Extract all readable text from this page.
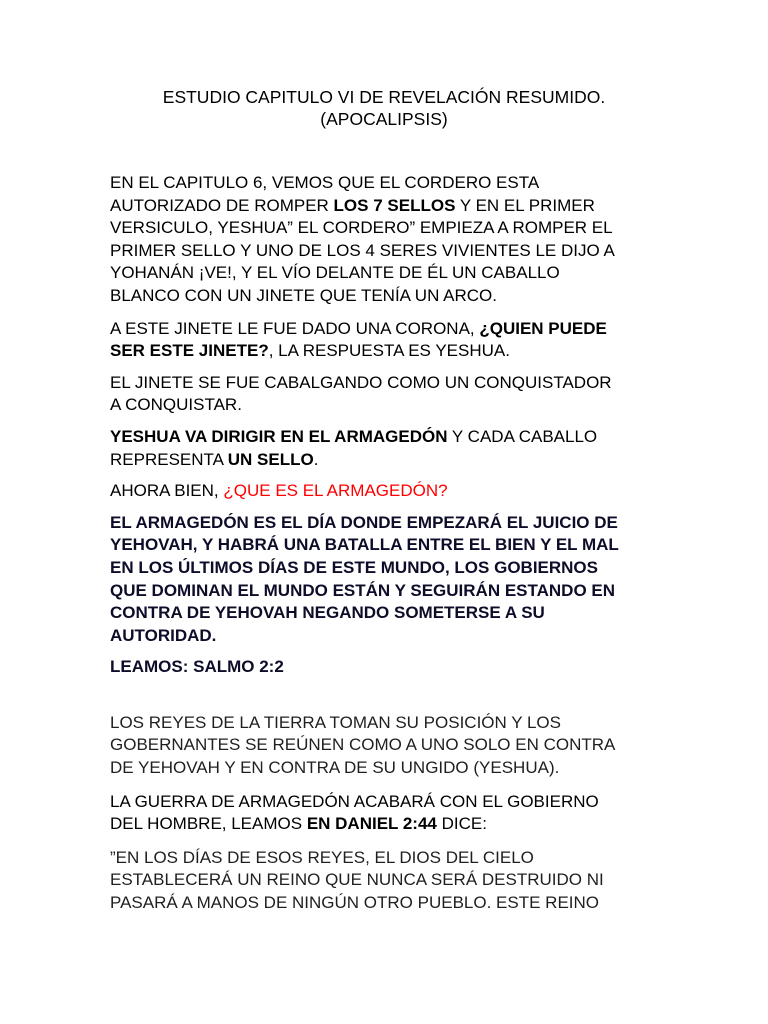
ESTUDIO CAPITULO VI DE REVELACIÓN RESUMIDO.
(APOCALIPSIS)

EN EL CAPITULO 6, VEMOS QUE EL CORDERO ESTA
AUTORIZADO DE ROMPER LOS 7 SELLOS Y EN EL PRIMER
VERSICULO, YESHUA” EL CORDERO” EMPIEZA A ROMPER EL
PRIMER SELLO Y UNO DE LOS 4 SERES VIVIENTES LE DIJO A
YOHANÁN ¡VE!, Y EL VÍO DELANTE DE ÉL UN CABALLO
BLANCO CON UN JINETE QUE TENÍA UN ARCO.

A ESTE JINETE LE FUE DADO UNA CORONA, ¿QUIEN PUEDE
SER ESTE JINETE?, LA RESPUESTA ES YESHUA.

EL JINETE SE FUE CABALGANDO COMO UN CONQUISTADOR
A CONQUISTAR.

YESHUA VA DIRIGIR EN EL ARMAGEDÓN Y CADA CABALLO
REPRESENTA UN SELLO.

AHORA BIEN, ¿QUE ES EL ARMAGEDÓN?

EL ARMAGEDÓN ES EL DÍA DONDE EMPEZARÁ EL JUICIO DE
YEHOVAH, Y HABRÁ UNA BATALLA ENTRE EL BIEN Y EL MAL
EN LOS ÚLTIMOS DÍAS DE ESTE MUNDO, LOS GOBIERNOS
QUE DOMINAN EL MUNDO ESTÁN Y SEGUIRÁN ESTANDO EN
CONTRA DE YEHOVAH NEGANDO SOMETERSE A SU
AUTORIDAD.

LEAMOS: SALMO 2:2

LOS REYES DE LA TIERRA TOMAN SU POSICIÓN Y LOS
GOBERNANTES SE REÚNEN COMO A UNO SOLO EN CONTRA
DE YEHOVAH Y EN CONTRA DE SU UNGIDO (YESHUA).

LA GUERRA DE ARMAGEDÓN ACABARÁ CON EL GOBIERNO
DEL HOMBRE, LEAMOS EN DANIEL 2:44 DICE:

”EN LOS DÍAS DE ESOS REYES, EL DIOS DEL CIELO
ESTABLECERÁ UN REINO QUE NUNCA SERÁ DESTRUIDO NI
PASARÁ A MANOS DE NINGÚN OTRO PUEBLO. ESTE REINO
